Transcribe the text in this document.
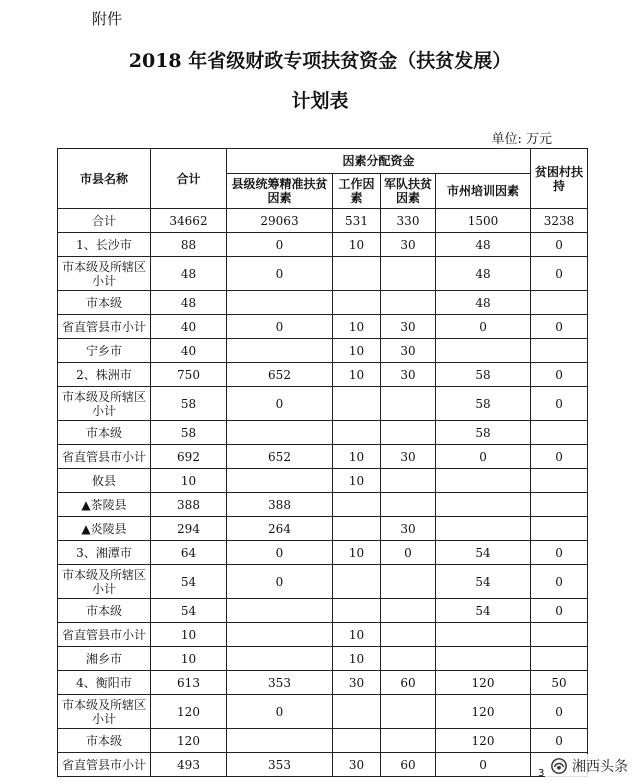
附件
2018 年省级财政专项扶贫资金（扶贫发展）
计划表
单位: 万元
市县名称	合计	因素分配资金				贫困村扶持
		县级统筹精准扶贫因素	工作因素	军队扶贫因素	市州培训因素	
合计	34662	29063	531	330	1500	3238
1、长沙市	88	0	10	30	48	0
市本级及所辖区小计	48	0			48	0
市本级	48				48	
省直管县市小计	40	0	10	30	0	0
宁乡市	40		10	30		
2、株洲市	750	652	10	30	58	0
市本级及所辖区小计	58	0			58	0
市本级	58				58	
省直管县市小计	692	652	10	30	0	0
攸县	10		10			
▲茶陵县	388	388				
▲炎陵县	294	264		30		
3、湘潭市	64	0	10	0	54	0
市本级及所辖区小计	54	0			54	0
市本级	54				54	0
省直管县市小计	10		10			
湘乡市	10		10			
4、衡阳市	613	353	30	60	120	50
市本级及所辖区小计	120	0			120	0
市本级	120				120	0
省直管县市小计	493	353	30	60	0		湘西头条
3
